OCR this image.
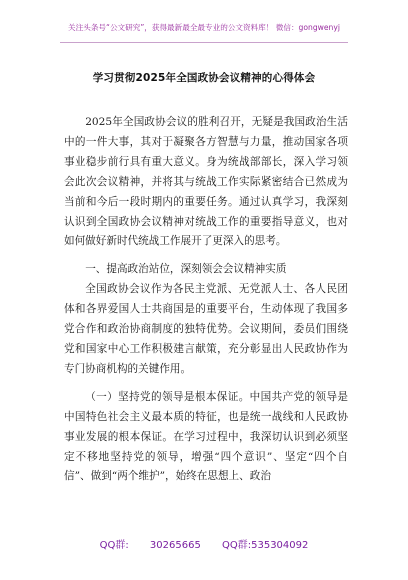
关注头条号“公文研究”，获得最新最全最专业的公文资料库！ 微信：gongwenyj
学习贯彻2025年全国政协会议精神的心得体会

2025年全国政协会议的胜利召开，无疑是我国政治生活中的一件大事，其对于凝聚各方智慧与力量，推动国家各项事业稳步前行具有重大意义。身为统战部部长，深入学习领会此次会议精神，并将其与统战工作实际紧密结合已然成为当前和今后一段时期内的重要任务。通过认真学习，我深刻认识到全国政协会议精神对统战工作的重要指导意义，也对如何做好新时代统战工作展开了更深入的思考。

一、提高政治站位，深刻领会会议精神实质

全国政协会议作为各民主党派、无党派人士、各人民团体和各界爱国人士共商国是的重要平台，生动体现了我国多党合作和政治协商制度的独特优势。会议期间，委员们围绕党和国家中心工作积极建言献策，充分彰显出人民政协作为专门协商机构的关键作用。

（一）坚持党的领导是根本保证。中国共产党的领导是中国特色社会主义最本质的特征，也是统一战线和人民政协事业发展的根本保证。在学习过程中，我深切认识到必须坚定不移地坚持党的领导，增强“四个意识”、坚定“四个自信”、做到“两个维护”，始终在思想上、政治

QQ群: 30265665 QQ群:535304092
